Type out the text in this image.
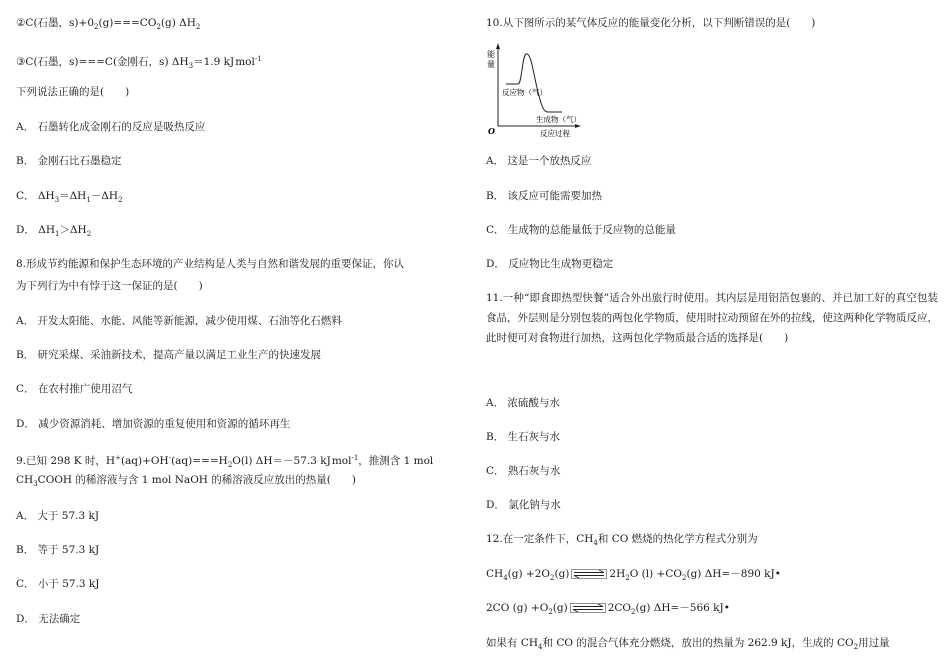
②C(石墨，$s)+0_2(g)===CO_2(g)$ $\Delta H_2$
③C(石墨，s)===C(金刚石，s) $\Delta H_3=1.9$ kJmol$^{-1}$
下列说法正确的是(　　)
A． 石墨转化成金刚石的反应是吸热反应
B． 金刚石比石墨稳定
C． $\Delta H_3=\Delta H_1-\Delta H_2$
D． $\Delta H_1>\Delta H_2$
8.形成节约能源和保护生态环境的产业结构是人类与自然和谐发展的重要保证，你认
为下列行为中有悖于这一保证的是(　　)
A． 开发太阳能、水能、风能等新能源，减少使用煤、石油等化石燃料
B． 研究采煤、采油新技术，提高产量以满足工业生产的快速发展
C． 在农村推广使用沼气
D． 减少资源消耗、增加资源的重复使用和资源的循环再生
9.已知 298 K 时，$H^+(aq)+OH^-(aq)===H_2O(l)$ ΔH＝－57.3 kJmol$^{-1}$，推测含 1 mol
$CH_3COOH$ 的稀溶液与含 1 mol NaOH 的稀溶液反应放出的热量(　　)
A． 大于 57.3 kJ
B． 等于 57.3 kJ
C． 小于 57.3 kJ
D． 无法确定
10.从下图所示的某气体反应的能量变化分析，以下判断错误的是(　　)
能
量
O
反应物（气）
生成物（气）
反应过程
A． 这是一个放热反应
B． 该反应可能需要加热
C． 生成物的总能量低于反应物的总能量
D． 反应物比生成物更稳定
11.一种“即食即热型快餐”适合外出旅行时使用。其内层是用铝箔包裹的、并已加工好的真空包装食品，外层则是分别包装的两包化学物质，使用时拉动预留在外的拉线，使这两种化学物质反应，此时便可对食物进行加热，这两包化学物质最合适的选择是(　　)
A． 浓硫酸与水
B． 生石灰与水
C． 熟石灰与水
D． 氯化钠与水
12.在一定条件下，$CH_4$和 CO 燃烧的热化学方程式分别为
$CH_4(g) +2O_2(g)$	$2H_2O$ $(l) +CO_2(g)$ ΔH=－890 kJ•
2CO $(g) +O_2(g)$	$2CO_2(g)$ ΔH=－566 kJ•
如果有 $CH_4$和 CO 的混合气体充分燃烧，放出的热量为 262.9 kJ，生成的 $CO_2$用过量
